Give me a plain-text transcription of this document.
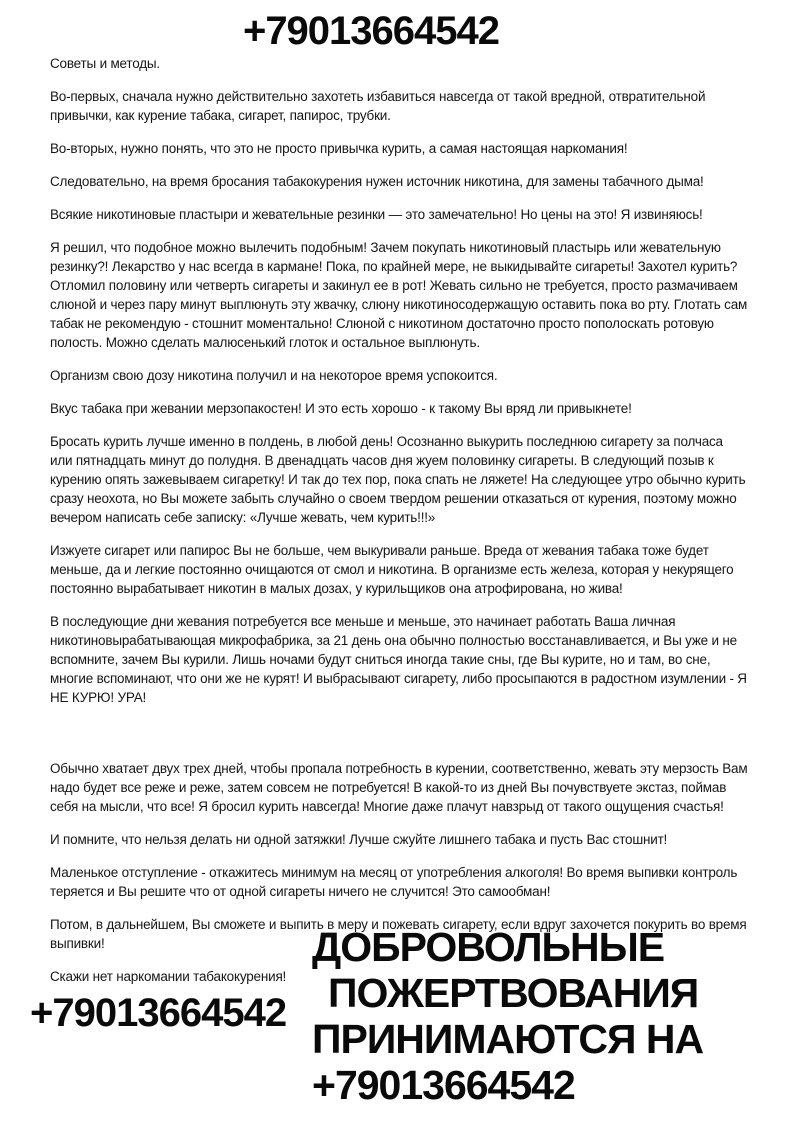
+79013664542

Советы и методы.

Во-первых, сначала нужно действительно захотеть избавиться навсегда от такой вредной, отвратительной привычки, как курение табака, сигарет, папирос, трубки.

Во-вторых, нужно понять, что это не просто привычка курить, а самая настоящая наркомания!

Следовательно, на время бросания табакокурения нужен источник никотина, для замены табачного дыма!

Всякие никотиновые пластыри и жевательные резинки — это замечательно! Но цены на это! Я извиняюсь!

Я решил, что подобное можно вылечить подобным! Зачем покупать никотиновый пластырь или жевательную резинку?! Лекарство у нас всегда в кармане! Пока, по крайней мере, не выкидывайте сигареты! Захотел курить? Отломил половину или четверть сигареты и закинул ее в рот! Жевать сильно не требуется, просто размачиваем слюной и через пару минут выплюнуть эту жвачку, слюну никотиносодержащую оставить пока во рту. Глотать сам табак не рекомендую - стошнит моментально! Слюной с никотином достаточно просто пополоскать ротовую полость. Можно сделать малюсенький глоток и остальное выплюнуть.

Организм свою дозу никотина получил и на некоторое время успокоится.

Вкус табака при жевании мерзопакостен! И это есть хорошо - к такому Вы вряд ли привыкнете!

Бросать курить лучше именно в полдень, в любой день! Осознанно выкурить последнюю сигарету за полчаса или пятнадцать минут до полудня. В двенадцать часов дня жуем половинку сигареты. В следующий позыв к курению опять зажевываем сигаретку! И так до тех пор, пока спать не ляжете! На следующее утро обычно курить сразу неохота, но Вы можете забыть случайно о своем твердом решении отказаться от курения, поэтому можно вечером написать себе записку: «Лучше жевать, чем курить!!!»

Изжуете сигарет или папирос Вы не больше, чем выкуривали раньше. Вреда от жевания табака тоже будет меньше, да и легкие постоянно очищаются от смол и никотина. В организме есть железа, которая у некурящего постоянно вырабатывает никотин в малых дозах, у курильщиков она атрофирована, но жива!

В последующие дни жевания потребуется все меньше и меньше, это начинает работать Ваша личная никотиновырабатывающая микрофабрика, за 21 день она обычно полностью восстанавливается, и Вы уже и не вспомните, зачем Вы курили. Лишь ночами будут сниться иногда такие сны, где Вы курите, но и там, во сне, многие вспоминают, что они же не курят! И выбрасывают сигарету, либо просыпаются в радостном изумлении - Я НЕ КУРЮ! УРА!

Обычно хватает двух трех дней, чтобы пропала потребность в курении, соответственно, жевать эту мерзость Вам надо будет все реже и реже, затем совсем не потребуется! В какой-то из дней Вы почувствуете экстаз, поймав себя на мысли, что все! Я бросил курить навсегда! Многие даже плачут навзрыд от такого ощущения счастья!

И помните, что нельзя делать ни одной затяжки! Лучше сжуйте лишнего табака и пусть Вас стошнит!

Маленькое отступление - откажитесь минимум на месяц от употребления алкоголя! Во время выпивки контроль теряется и Вы решите что от одной сигареты ничего не случится! Это самообман!

Потом, в дальнейшем, Вы сможете и выпить в меру и пожевать сигарету, если вдруг захочется покурить во время выпивки!

Скажи нет наркомании табакокурения!

+79013664542
ДОБРОВОЛЬНЫЕ
ПОЖЕРТВОВАНИЯ
ПРИНИМАЮТСЯ НА
+79013664542
